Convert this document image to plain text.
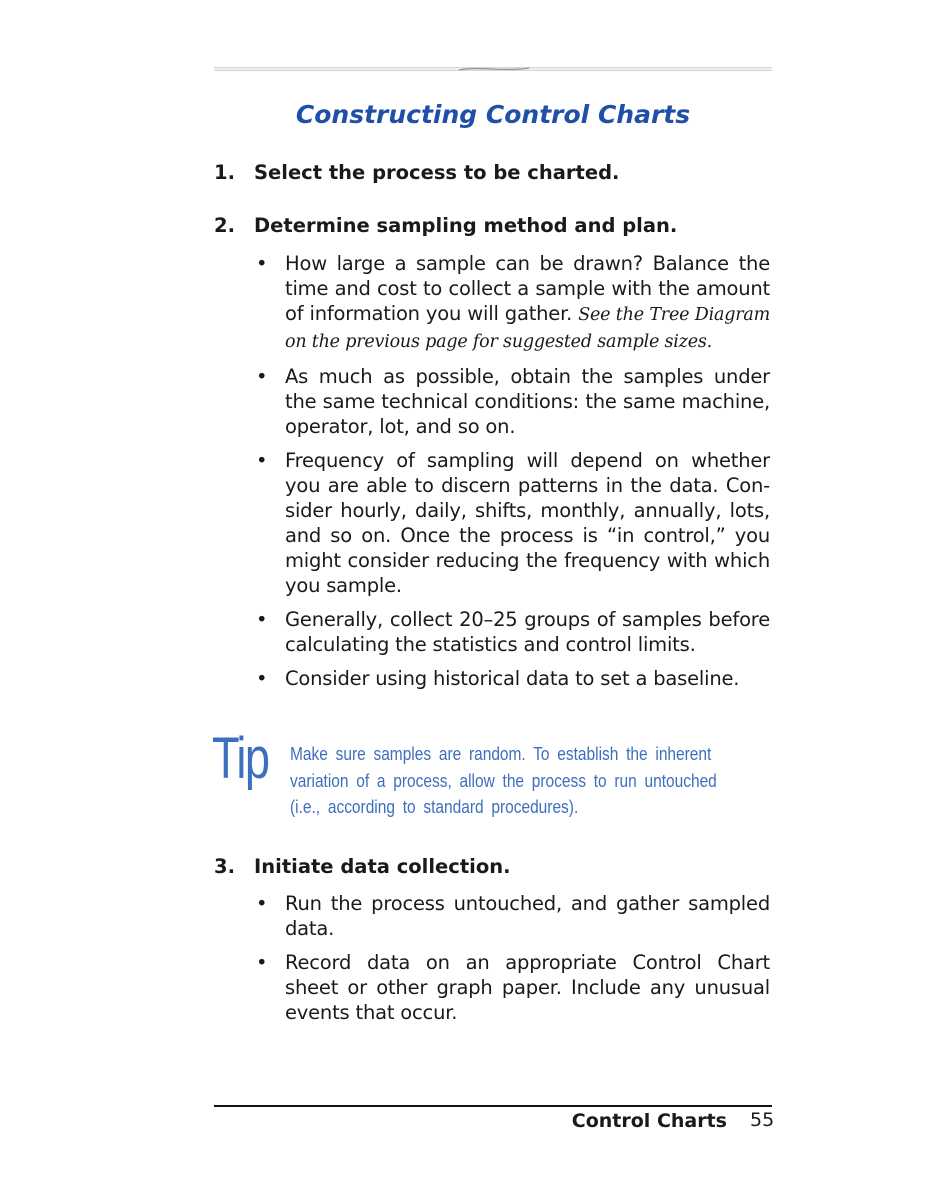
Constructing Control Charts

1. Select the process to be charted.

2. Determine sampling method and plan.

• How large a sample can be drawn? Balance the time and cost to collect a sample with the amount of information you will gather. See the Tree Diagram on the previous page for suggested sample sizes.
• As much as possible, obtain the samples under the same technical conditions: the same machine, operator, lot, and so on.
• Frequency of sampling will depend on whether you are able to discern patterns in the data. Con-sider hourly, daily, shifts, monthly, annually, lots, and so on. Once the process is “in control,” you might consider reducing the frequency with which you sample.
• Generally, collect 20–25 groups of samples before calculating the statistics and control limits.
• Consider using historical data to set a baseline.
Tip Make sure samples are random. To establish the inherent variation of a process, allow the process to run untouched (i.e., according to standard procedures).

3. Initiate data collection.

• Run the process untouched, and gather sampled data.
• Record data on an appropriate Control Chart sheet or other graph paper. Include any unusual events that occur.
Control Charts 55
